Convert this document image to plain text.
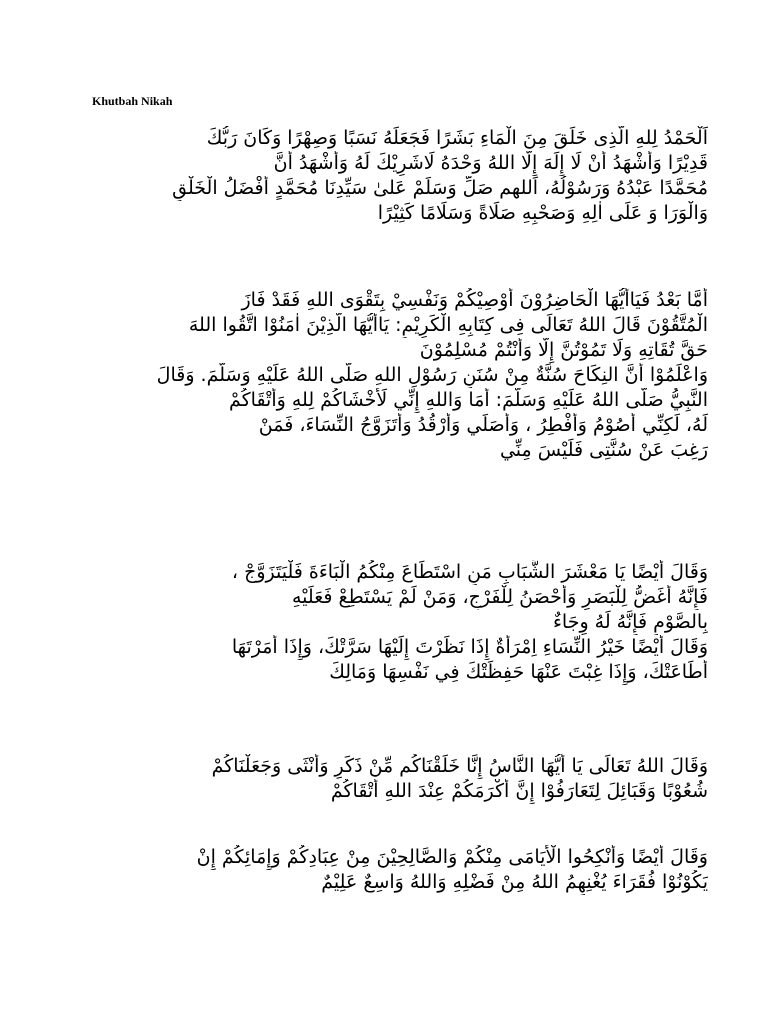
Khutbah Nikah
اَلْحَمْدُ لِلهِ الَّذِى خَلَقَ مِنَ الْمَاءِ بَشَرًا فَجَعَلَهُ نَسَبًا وَصِهْرًا وَكَانَ رَبُّكَ
قَدِيْرًا وَأَشْهَدُ أَنْ لَا إِلَهَ إِلَّا اللهُ وَحْدَهُ لَاشَرِيْكَ لَهُ وَأَشْهَدُ أَنَّ
مُحَمَّدًا عَبْدُهُ وَرَسُوْلُهُ، اَللهم صَلِّ وَسَلِّمْ عَلىٰ سَيِّدِنَا مُحَمَّدٍ أَفْضَلُ الْخَلْقِ
وَالْوَرَا وَ عَلَى اٰلِهِ وَصَحْبِهِ صَلَاةً وَسَلَامًا كَثِيْرًا
أَمَّا بَعْدُ فَيَاأَيُّهَا الْحَاضِرُوْنَ أُوْصِيْكُمْ وَنَفْسِيْ بِتَقْوَى اللهِ فَقَدْ فَازَ
الْمُتَّقُوْنَ قَالَ اللهُ تَعَالَى فِى كِتَابِهِ الْكَرِيْمِ: يَاأَيُّهَا الَّذِيْنَ اٰمَنُوْا اتَّقُوا اللهَ
حَقَّ تُقَاتِهِ وَلَا تَمُوْتُنَّ إِلَّا وَأَنْتُمْ مُسْلِمُوْنَ
وَاعْلَمُوْا أَنَّ النِكَاحَ سُنَّةٌ مِنْ سُنَنِ رَسُوْلِ اللهِ صَلَّى اللهُ عَلَيْهِ وَسَلَّمَ. وَقَالَ
النَّبِيُّ صَلَّى اللهُ عَلَيْهِ وَسَلَّمَ: أَمَا وَاللهِ إِنِّي لَأَخْشَاكُمْ لِلهِ وَأَتْقَاكُمْ
لَهُ، لَكِنِّي أَصُوْمُ وَأُفْطِرُ ، وَأُصَلِّي وَأَرْقُدُ وَأَتَزَوَّجُ النِّسَاءَ، فَمَنْ
رَغِبَ عَنْ سُنَّتِى فَلَيْسَ مِنِّي
وَقَالَ أَيْضًا يَا مَعْشَرَ الشَّبَابِ مَنِ اسْتَطَاعَ مِنْكُمُ الْبَاءَةَ فَلْيَتَزَوَّجْ ،
فَإِنَّهُ أَغَضُّ لِلْبَصَرِ وَأَحْصَنُ لِلْفَرْجِ، وَمَنْ لَمْ يَسْتَطِعْ فَعَلَيْهِ
بِالصَّوْمِ فَإِنَّهُ لَهُ وِجَاءٌ
وَقَالَ أَيْضًا خَيْرُ النِّسَاءِ اِمْرَأَةٌ إِذَا نَظَرْتَ إِلَيْهَا سَرَّتْكَ، وَإِذَا أَمَرْتَهَا
أَطَاعَتْكَ، وَإِذَا غِبْتَ عَنْهَا حَفِظَتْكَ فِي نَفْسِهَا وَمَالِكَ
وَقَالَ اللهُ تَعَالَى يَا أَيُّهَا النَّاسُ إِنَّا خَلَقْنَاكُم مِّنْ ذَكَرٍ وَأُنْثَى وَجَعَلْنَاكُمْ
شُعُوْبًا وَقَبَائِلَ لِتَعَارَفُوْا إِنَّ أَكْرَمَكُمْ عِنْدَ اللهِ أَتْقَاكُمْ
وَقَالَ أَيْضًا وَأَنْكِحُوا الْأَيَامَى مِنْكُمْ وَالصَّالِحِيْنَ مِنْ عِبَادِكُمْ وَإِمَائِكُمْ إِنْ
يَكُوْنُوْا فُقَرَاءَ يُغْنِهِمُ اللهُ مِنْ فَضْلِهِ وَاللهُ وَاسِعٌ عَلِيْمٌ
